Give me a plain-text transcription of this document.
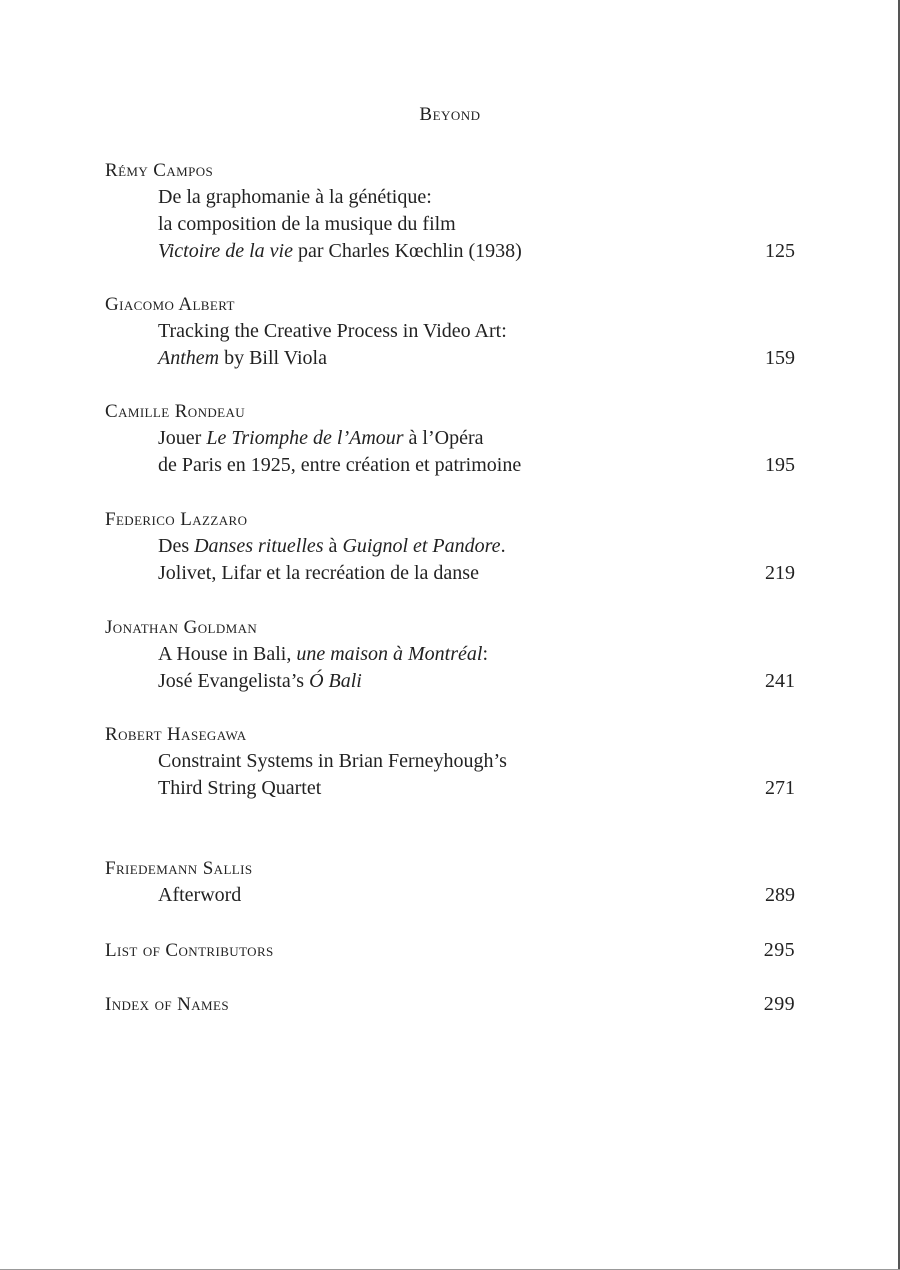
Beyond
Rémy Campos
De la graphomanie à la génétique:
la composition de la musique du film
Victoire de la vie par Charles Kœchlin (1938)	125
Giacomo Albert
Tracking the Creative Process in Video Art:
Anthem by Bill Viola	159
Camille Rondeau
Jouer Le Triomphe de l’Amour à l’Opéra
de Paris en 1925, entre création et patrimoine	195
Federico Lazzaro
Des Danses rituelles à Guignol et Pandore.
Jolivet, Lifar et la recréation de la danse	219
Jonathan Goldman
A House in Bali, une maison à Montréal:
José Evangelista’s Ó Bali	241
Robert Hasegawa
Constraint Systems in Brian Ferneyhough’s
Third String Quartet	271
Friedemann Sallis
Afterword	289
List of Contributors	295
Index of Names	299
